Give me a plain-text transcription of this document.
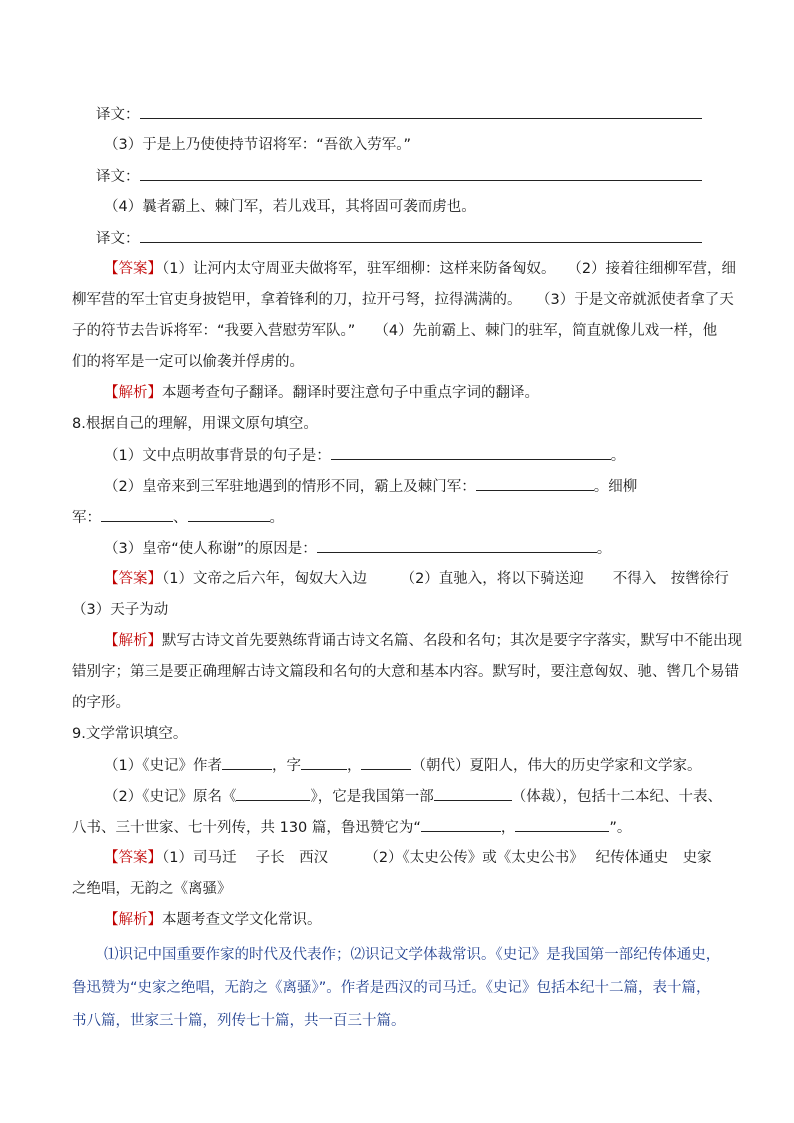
译文：
（3）于是上乃使使持节诏将军：“吾欲入劳军。”
译文：
（4）曩者霸上、棘门军，若儿戏耳，其将固可袭而虏也。
译文：
【答案】（1）让河内太守周亚夫做将军，驻军细柳：这样来防备匈奴。　 （2）接着往细柳军营，细
柳军营的军士官吏身披铠甲，拿着锋利的刀，拉开弓弩，拉得满满的。　　（3）于是文帝就派使者拿了天
子的符节去告诉将军：“我要入营慰劳军队。”　 （4）先前霸上、棘门的驻军，简直就像儿戏一样，他
们的将军是一定可以偷袭并俘虏的。
【解析】本题考查句子翻译。翻译时要注意句子中重点字词的翻译。
8.根据自己的理解，用课文原句填空。
（1）文中点明故事背景的句子是：	。
（2）皇帝来到三军驻地遇到的情形不同，霸上及棘门军：	。细柳
军：	、	。
（3）皇帝“使人称谢”的原因是：	。
【答案】（1）文帝之后六年，匈奴大入边　　 （2）直驰入，将以下骑送迎　　不得入　按辔徐行
（3）天子为动
【解析】默写古诗文首先要熟练背诵古诗文名篇、名段和名句；其次是要字字落实，默写中不能出现
错别字；第三是要正确理解古诗文篇段和名句的大意和基本内容。默写时，要注意匈奴、驰、辔几个易错
的字形。
9.文学常识填空。
（1）《史记》作者	，字	，	（朝代）夏阳人，伟大的历史学家和文学家。
（2）《史记》原名《	》，它是我国第一部	（体裁），包括十二本纪、十表、
八书、三十世家、七十列传，共 130 篇，鲁迅赞它为“	，	”。
【答案】（1）司马迁　 子长　西汉　　　（2）《太史公传》或《太史公书》　 纪传体通史　史家
之绝唱，无韵之《离骚》
【解析】本题考查文学文化常识。
⑴识记中国重要作家的时代及代表作；⑵识记文学体裁常识。《史记》是我国第一部纪传体通史，
鲁迅赞为“史家之绝唱，无韵之《离骚》”。作者是西汉的司马迁。《史记》包括本纪十二篇，表十篇，
书八篇，世家三十篇，列传七十篇，共一百三十篇。
